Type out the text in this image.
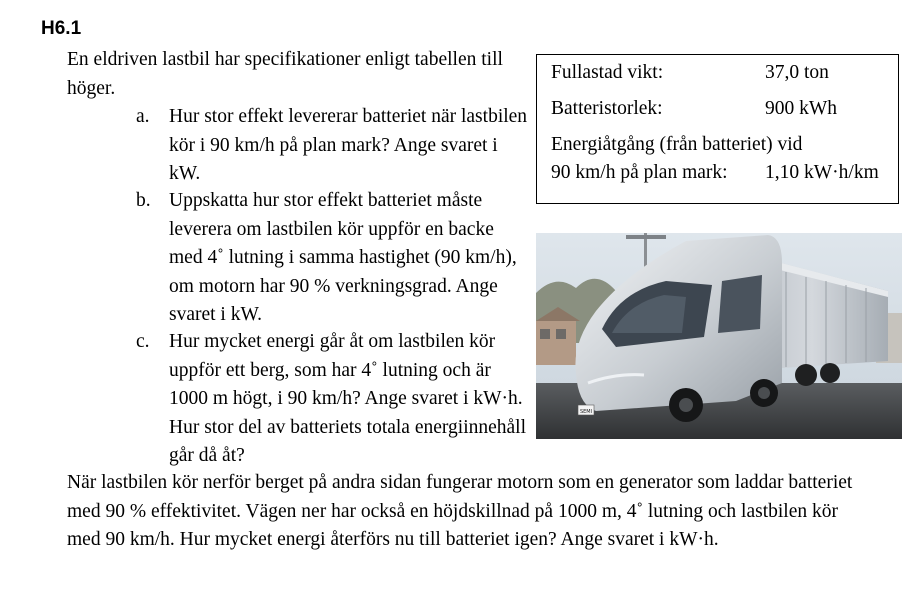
H6.1
En eldriven lastbil har specifikationer enligt tabellen till höger.
a. Hur stor effekt levererar batteriet när lastbilen kör i 90 km/h på plan mark? Ange svaret i kW.
b. Uppskatta hur stor effekt batteriet måste leverera om lastbilen kör uppför en backe med 4˚ lutning i samma hastighet (90 km/h), om motorn har 90 % verkningsgrad. Ange svaret i kW.
c. Hur mycket energi går åt om lastbilen kör uppför ett berg, som har 4˚ lutning och är 1000 m högt, i 90 km/h? Ange svaret i kW·h. Hur stor del av batteriets totala energiinnehåll går då åt?
När lastbilen kör nerför berget på andra sidan fungerar motorn som en generator som laddar batteriet med 90 % effektivitet. Vägen ner har också en höjdskillnad på 1000 m, 4˚ lutning och lastbilen kör med 90 km/h. Hur mycket energi återförs nu till batteriet igen? Ange svaret i kW·h.
Fullastad vikt:	37,0 ton
Batteristorlek:	900 kWh
Energiåtgång (från batteriet) vid
90 km/h på plan mark: 1,10 kW·h/km
SEMI
